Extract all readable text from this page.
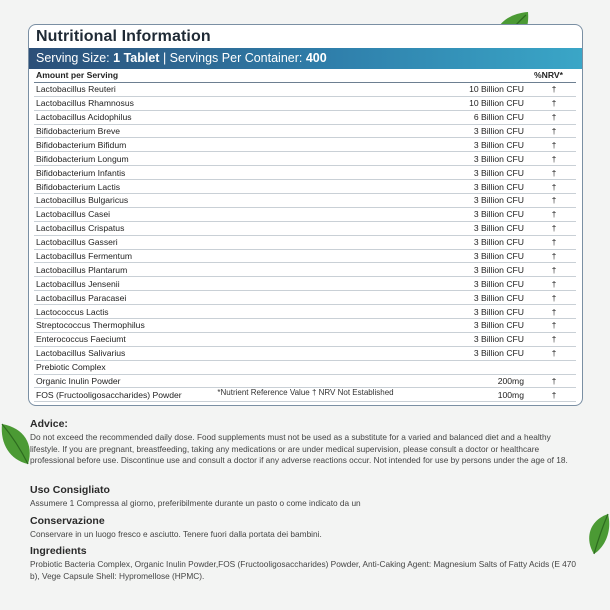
Nutritional Information
Serving Size: 1 Tablet | Servings Per Container: 400
Amount per Serving		%NRV*
Lactobacillus Reuteri	10 Billion CFU	†
Lactobacillus Rhamnosus	10 Billion CFU	†
Lactobacillus Acidophilus	6 Billion CFU	†
Bifidobacterium Breve	3 Billion CFU	†
Bifidobacterium Bifidum	3 Billion CFU	†
Bifidobacterium Longum	3 Billion CFU	†
Bifidobacterium Infantis	3 Billion CFU	†
Bifidobacterium Lactis	3 Billion CFU	†
Lactobacillus Bulgaricus	3 Billion CFU	†
Lactobacillus Casei	3 Billion CFU	†
Lactobacillus Crispatus	3 Billion CFU	†
Lactobacillus Gasseri	3 Billion CFU	†
Lactobacillus Fermentum	3 Billion CFU	†
Lactobacillus Plantarum	3 Billion CFU	†
Lactobacillus Jensenii	3 Billion CFU	†
Lactobacillus Paracasei	3 Billion CFU	†
Lactococcus Lactis	3 Billion CFU	†
Streptococcus Thermophilus	3 Billion CFU	†
Enterococcus Faeciumt	3 Billion CFU	†
Lactobacillus Salivarius	3 Billion CFU	†
Prebiotic Complex		
Organic Inulin Powder	200mg	†
FOS (Fructooligosaccharides) Powder	100mg	†
*Nutrient Reference Value † NRV Not Established
Advice:
Do not exceed the recommended daily dose. Food supplements must not be used as a substitute for a varied and balanced diet and a healthy lifestyle. If you are pregnant, breastfeeding, taking any medications or are under medical supervision, please consult a doctor or healthcare professional before use. Discontinue use and consult a doctor if any adverse reactions occur. Not intended for use by persons under the age of 18.
Uso Consigliato
Assumere 1 Compressa al giorno, preferibilmente durante un pasto o come indicato da un
Conservazione
Conservare in un luogo fresco e asciutto. Tenere fuori dalla portata dei bambini.
Ingredients
Probiotic Bacteria Complex, Organic Inulin Powder,FOS (Fructooligosaccharides) Powder, Anti-Caking Agent: Magnesium Salts of Fatty Acids (E 470 b), Vege Capsule Shell: Hypromellose (HPMC).
